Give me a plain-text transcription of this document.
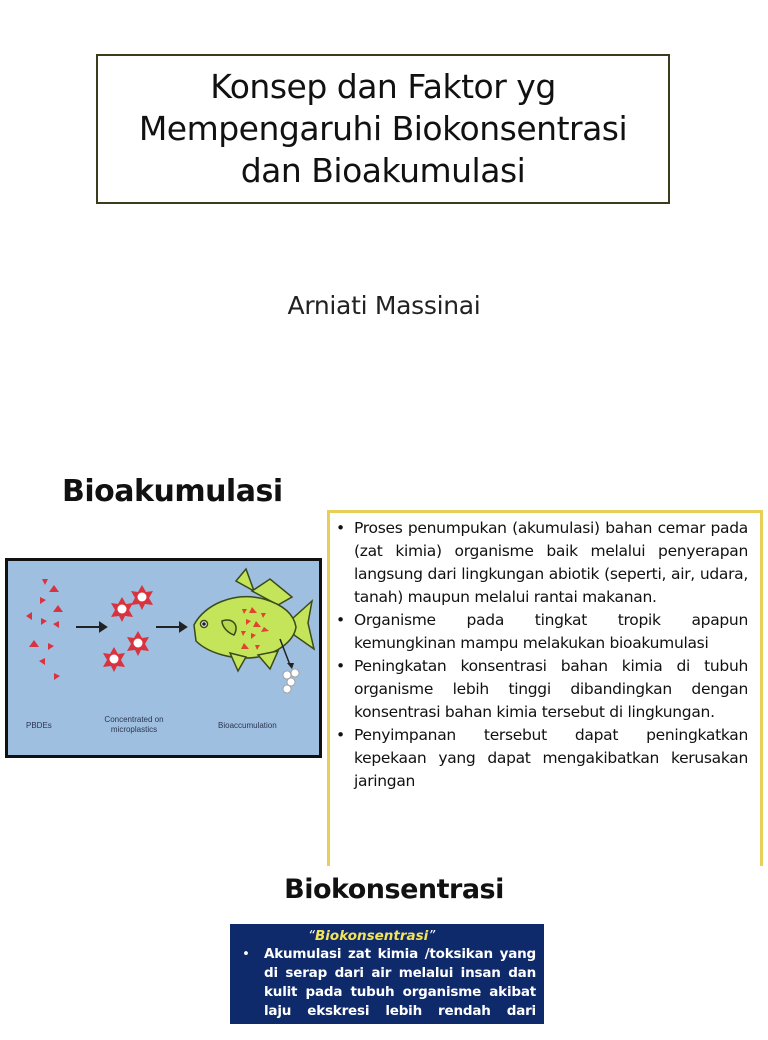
Konsep dan Faktor yg
Mempengaruhi Biokonsentrasi
dan Bioakumulasi
Arniati Massinai
Bioakumulasi
PBDEs
Concentrated on
microplastics	Bioaccumulation
• Proses penumpukan (akumulasi) bahan cemar pada (zat kimia) organisme baik melalui penyerapan langsung dari lingkungan abiotik (seperti, air, udara, tanah) maupun melalui rantai makanan.
• Organisme pada tingkat tropik apapun kemungkinan mampu melakukan bioakumulasi
• Peningkatan konsentrasi bahan kimia di tubuh organisme lebih tinggi dibandingkan dengan konsentrasi bahan kimia tersebut di lingkungan.
• Penyimpanan tersebut dapat peningkatkan kepekaan yang dapat mengakibatkan kerusakan jaringan
Biokonsentrasi
“Biokonsentrasi”
• Akumulasi zat kimia /toksikan yang di serap dari air melalui insan dan kulit pada tubuh organisme akibat laju ekskresi lebih rendah dari asupan.
